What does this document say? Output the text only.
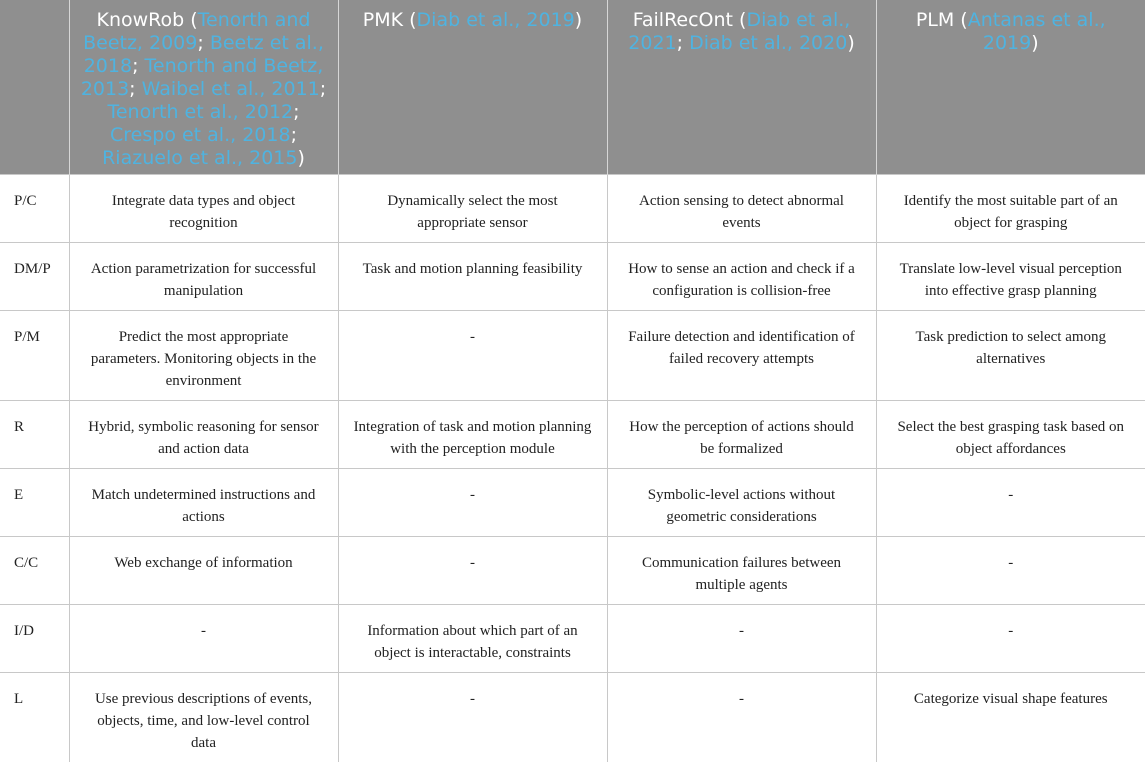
	KnowRob (Tenorth and Beetz, 2009; Beetz et al., 2018; Tenorth and Beetz, 2013; Waibel et al., 2011; Tenorth et al., 2012; Crespo et al., 2018; Riazuelo et al., 2015)	PMK (Diab et al., 2019)	FailRecOnt (Diab et al., 2021; Diab et al., 2020)	PLM (Antanas et al., 2019)
P/C	Integrate data types and object recognition	Dynamically select the most appropriate sensor	Action sensing to detect abnormal events	Identify the most suitable part of an object for grasping
DM/P	Action parametrization for successful manipulation	Task and motion planning feasibility	How to sense an action and check if a configuration is collision-free	Translate low-level visual perception into effective grasp planning
P/M	Predict the most appropriate parameters. Monitoring objects in the environment	-	Failure detection and identification of failed recovery attempts	Task prediction to select among alternatives
R	Hybrid, symbolic reasoning for sensor and action data	Integration of task and motion planning with the perception module	How the perception of actions should be formalized	Select the best grasping task based on object affordances
E	Match undetermined instructions and actions	-	Symbolic-level actions without geometric considerations	-
C/C	Web exchange of information	-	Communication failures between multiple agents	-
I/D	-	Information about which part of an object is interactable, constraints	-	-
L	Use previous descriptions of events, objects, time, and low-level control data	-	-	Categorize visual shape features
